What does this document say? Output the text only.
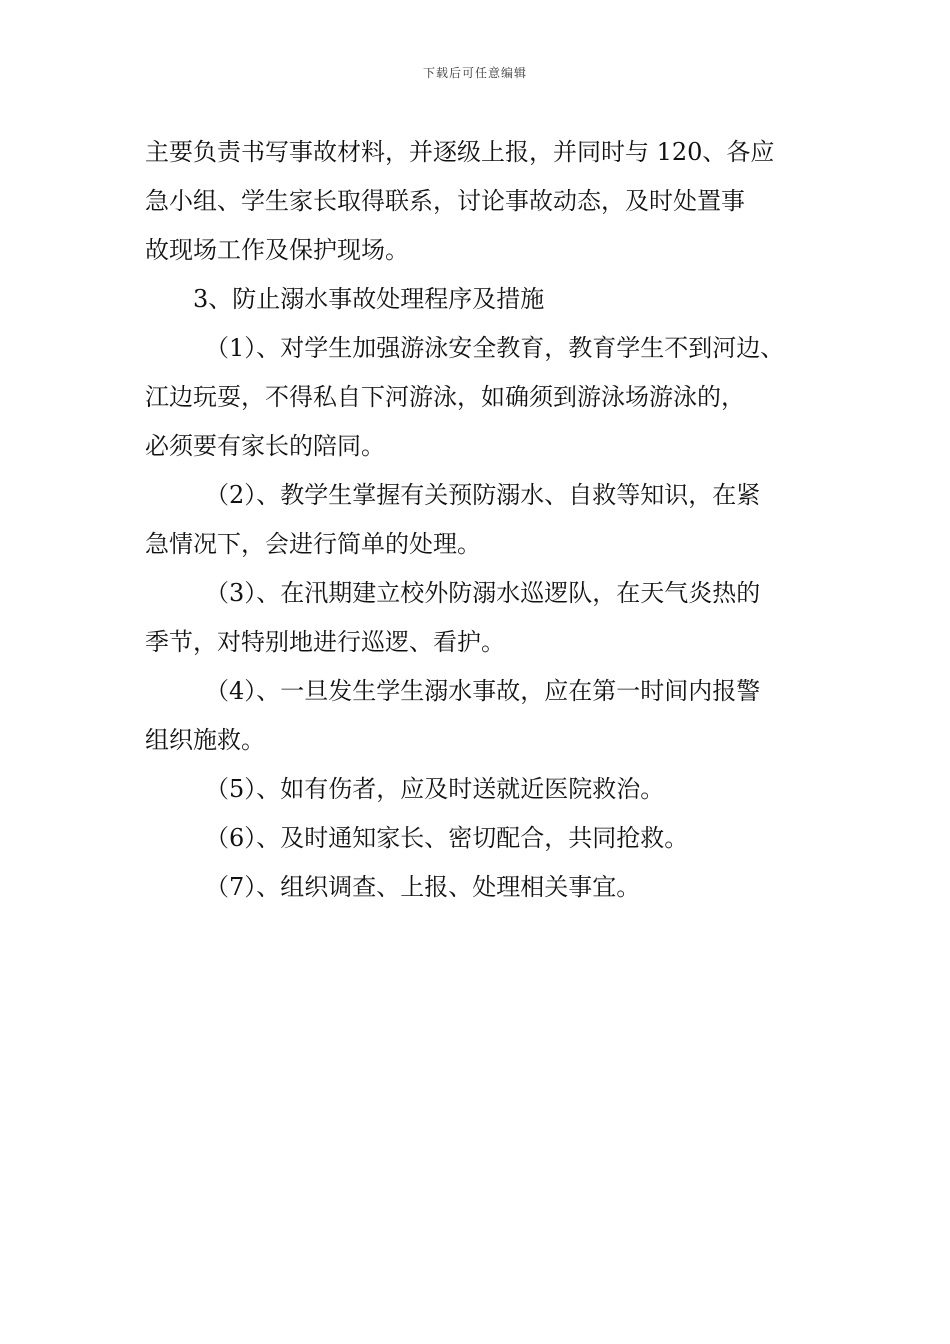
下载后可任意编辑
主要负责书写事故材料，并逐级上报，并同时与 120、各应
急小组、学生家长取得联系，讨论事故动态，及时处置事
故现场工作及保护现场。
3、防止溺水事故处理程序及措施
（1）、对学生加强游泳安全教育，教育学生不到河边、
江边玩耍，不得私自下河游泳，如确须到游泳场游泳的，
必须要有家长的陪同。
（2）、教学生掌握有关预防溺水、自救等知识，在紧
急情况下，会进行简单的处理。
（3）、在汛期建立校外防溺水巡逻队，在天气炎热的
季节，对特别地进行巡逻、看护。
（4）、一旦发生学生溺水事故，应在第一时间内报警
组织施救。
（5）、如有伤者，应及时送就近医院救治。
（6）、及时通知家长、密切配合，共同抢救。
（7）、组织调查、上报、处理相关事宜。
